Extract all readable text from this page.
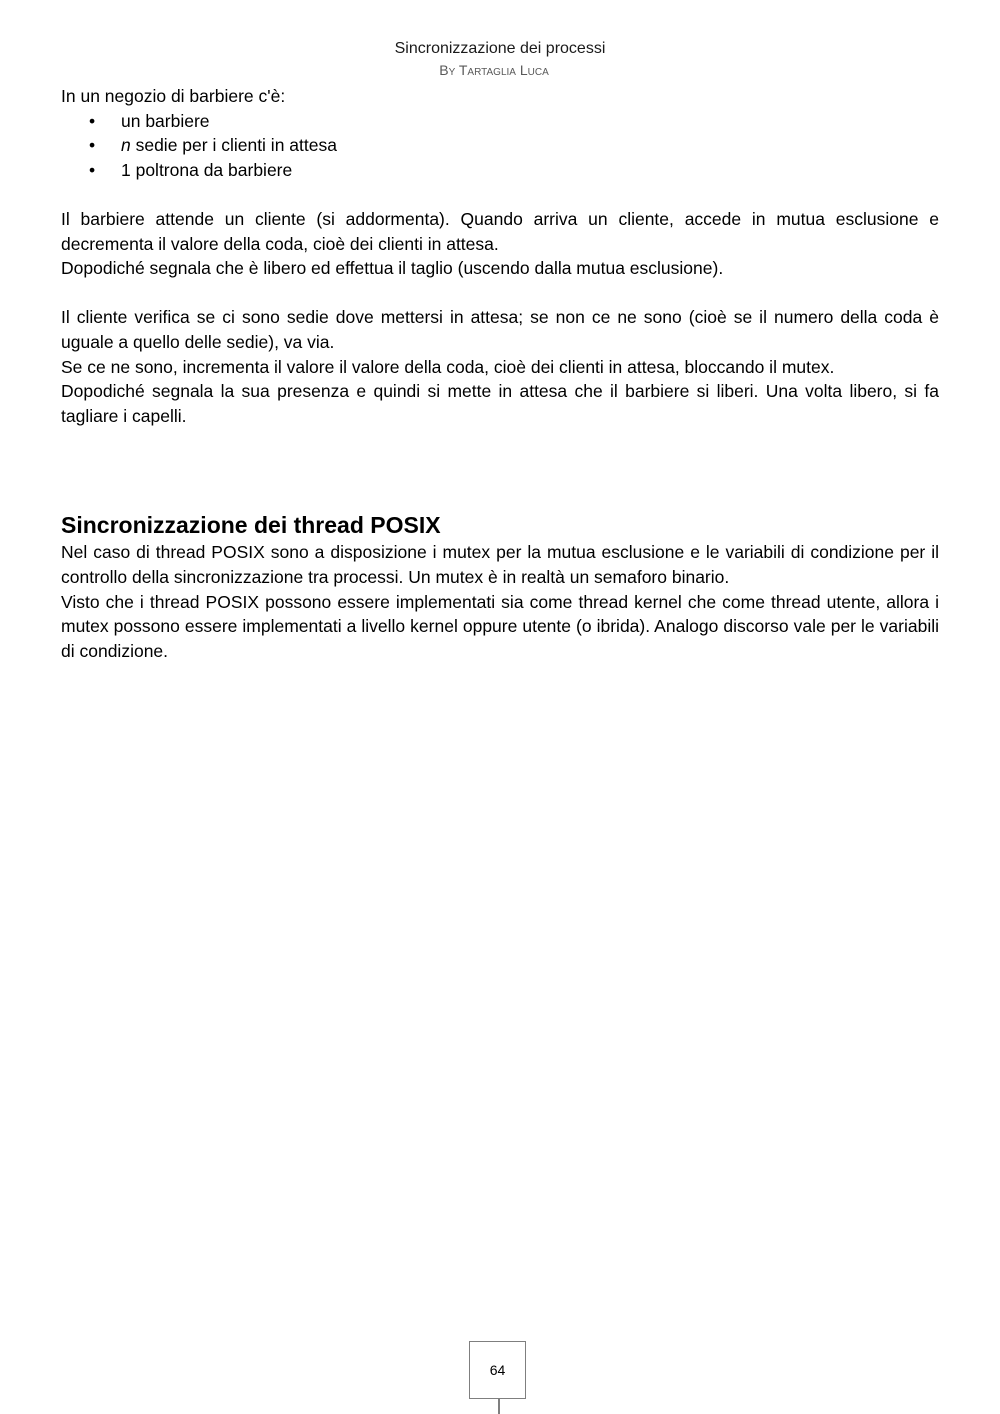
Sincronizzazione dei processi
By Tartaglia Luca

In un negozio di barbiere c'è:

• un barbiere
• n sedie per i clienti in attesa
• 1 poltrona da barbiere

Il barbiere attende un cliente (si addormenta). Quando arriva un cliente, accede in mutua esclusione e decrementa il valore della coda, cioè dei clienti in attesa.

Dopodiché segnala che è libero ed effettua il taglio (uscendo dalla mutua esclusione).

Il cliente verifica se ci sono sedie dove mettersi in attesa; se non ce ne sono (cioè se il numero della coda è uguale a quello delle sedie), va via.

Se ce ne sono, incrementa il valore il valore della coda, cioè dei clienti in attesa, bloccando il mutex.

Dopodiché segnala la sua presenza e quindi si mette in attesa che il barbiere si liberi. Una volta libero, si fa tagliare i capelli.

Sincronizzazione dei thread POSIX

Nel caso di thread POSIX sono a disposizione i mutex per la mutua esclusione e le variabili di condizione per il controllo della sincronizzazione tra processi. Un mutex è in realtà un semaforo binario.

Visto che i thread POSIX possono essere implementati sia come thread kernel che come thread utente, allora i mutex possono essere implementati a livello kernel oppure utente (o ibrida). Analogo discorso vale per le variabili di condizione.

64
